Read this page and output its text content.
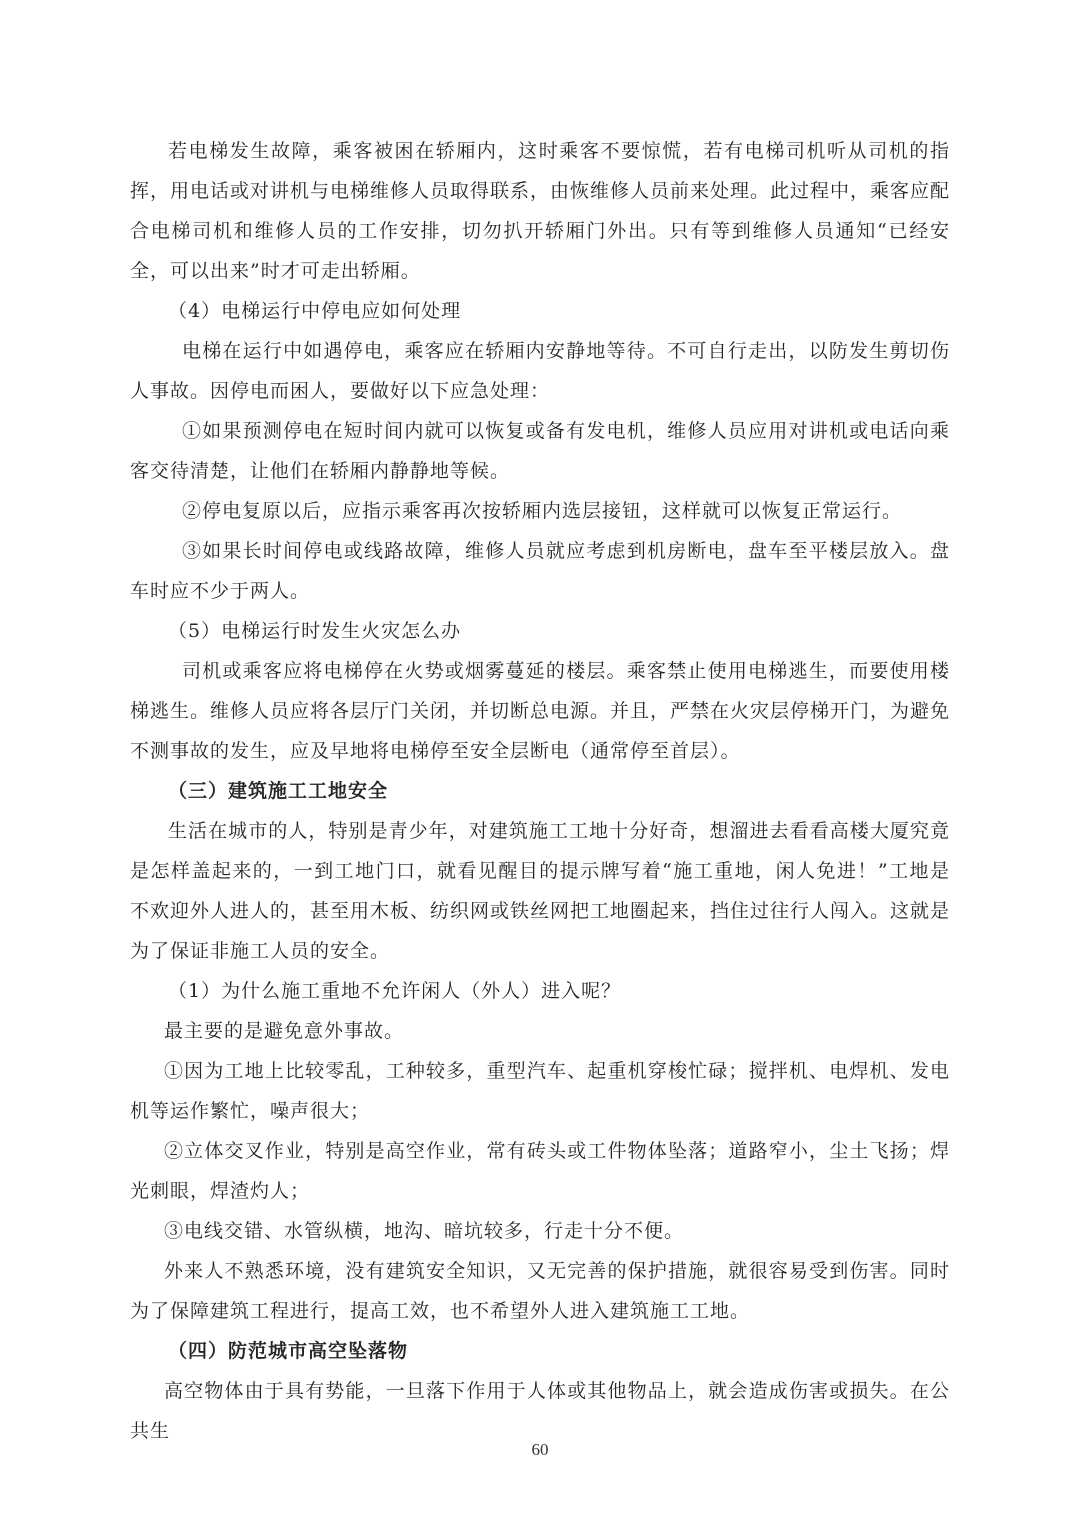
若电梯发生故障，乘客被困在轿厢内，这时乘客不要惊慌，若有电梯司机听从司机的指挥，用电话或对讲机与电梯维修人员取得联系，由恢维修人员前来处理。此过程中，乘客应配合电梯司机和维修人员的工作安排，切勿扒开轿厢门外出。只有等到维修人员通知“已经安全，可以出来”时才可走出轿厢。

（4）电梯运行中停电应如何处理

电梯在运行中如遇停电，乘客应在轿厢内安静地等待。不可自行走出，以防发生剪切伤人事故。因停电而困人，要做好以下应急处理：

①如果预测停电在短时间内就可以恢复或备有发电机，维修人员应用对讲机或电话向乘客交待清楚，让他们在轿厢内静静地等候。

②停电复原以后，应指示乘客再次按轿厢内选层接钮，这样就可以恢复正常运行。

③如果长时间停电或线路故障，维修人员就应考虑到机房断电，盘车至平楼层放入。盘车时应不少于两人。

（5）电梯运行时发生火灾怎么办

司机或乘客应将电梯停在火势或烟雾蔓延的楼层。乘客禁止使用电梯逃生，而要使用楼梯逃生。维修人员应将各层厅门关闭，并切断总电源。并且，严禁在火灾层停梯开门，为避免不测事故的发生，应及早地将电梯停至安全层断电（通常停至首层）。

（三）建筑施工工地安全

生活在城市的人，特别是青少年，对建筑施工工地十分好奇，想溜进去看看高楼大厦究竟是怎样盖起来的，一到工地门口，就看见醒目的提示牌写着“施工重地，闲人免进！”工地是不欢迎外人进人的，甚至用木板、纺织网或铁丝网把工地圈起来，挡住过往行人闯入。这就是为了保证非施工人员的安全。

（1）为什么施工重地不允许闲人（外人）进入呢？

最主要的是避免意外事故。

①因为工地上比较零乱，工种较多，重型汽车、起重机穿梭忙碌；搅拌机、电焊机、发电机等运作繁忙，噪声很大；

②立体交叉作业，特别是高空作业，常有砖头或工件物体坠落；道路窄小，尘土飞扬；焊光刺眼，焊渣灼人；

③电线交错、水管纵横，地沟、暗坑较多，行走十分不便。

外来人不熟悉环境，没有建筑安全知识，又无完善的保护措施，就很容易受到伤害。同时为了保障建筑工程进行，提高工效，也不希望外人进入建筑施工工地。

（四）防范城市高空坠落物

高空物体由于具有势能，一旦落下作用于人体或其他物品上，就会造成伤害或损失。在公共生

60
